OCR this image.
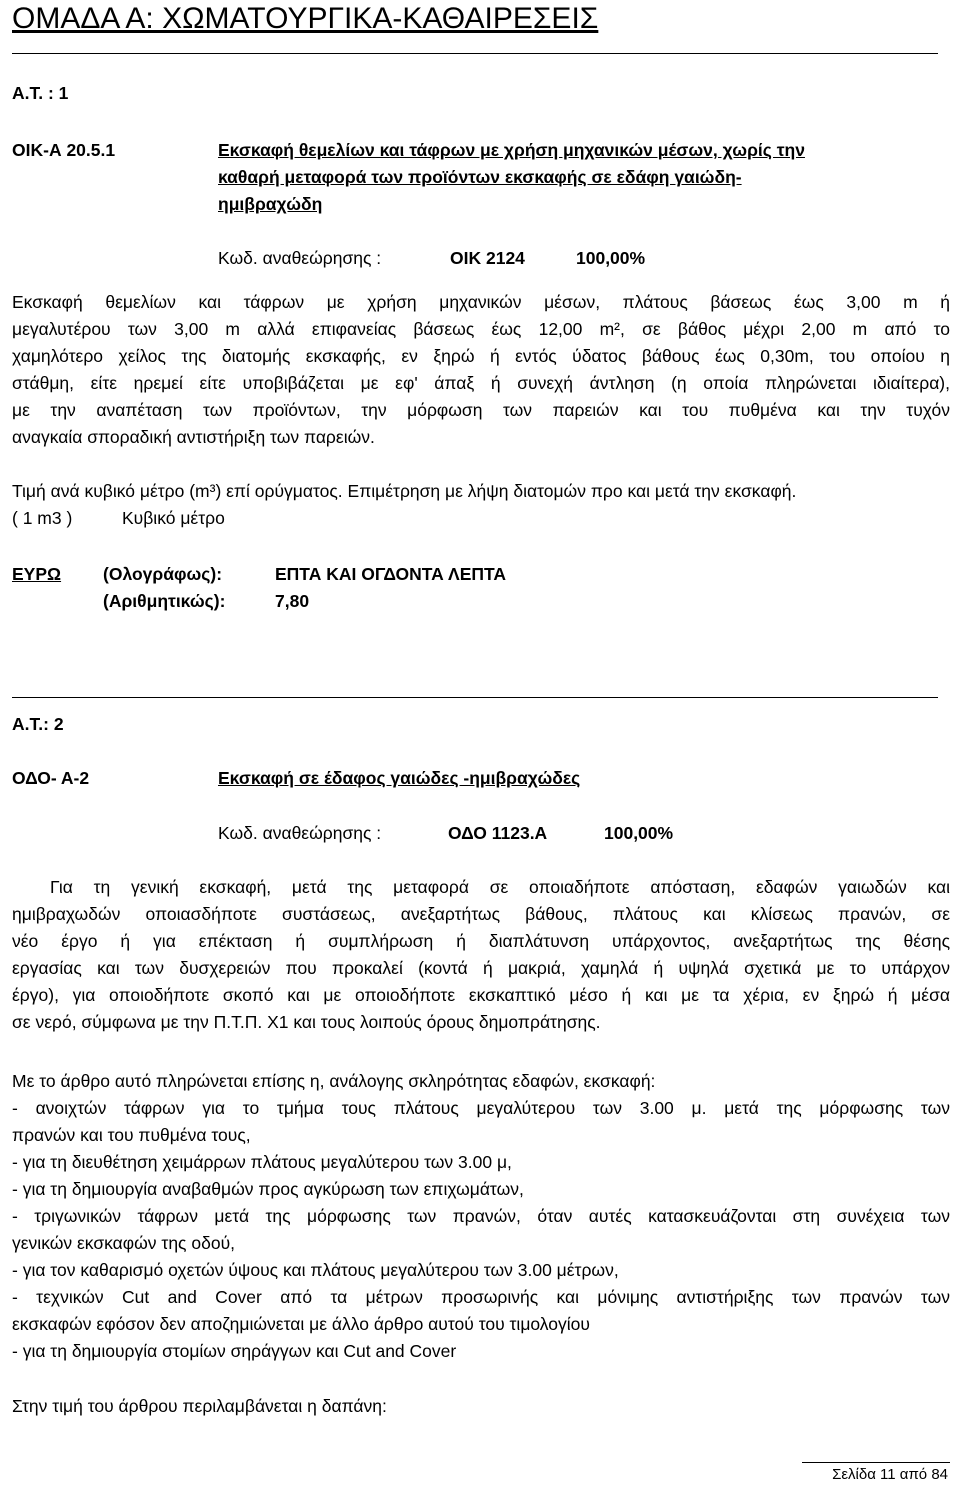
ΟΜΑΔΑ Α: ΧΩΜΑΤΟΥΡΓΙΚΑ-ΚΑΘΑΙΡΕΣΕΙΣ
Α.Τ. : 1
ΟΙΚ-Α 20.5.1	Εκσκαφή θεμελίων και τάφρων με χρήση μηχανικών μέσων, χωρίς την
καθαρή μεταφορά των προϊόντων εκσκαφής σε εδάφη γαιώδη-
ημιβραχώδη
Κωδ. αναθεώρησης :	ΟΙΚ 2124	100,00%
Εκσκαφή θεμελίων και τάφρων με χρήση μηχανικών μέσων, πλάτους βάσεως έως 3,00 m ή
μεγαλυτέρου των 3,00 m αλλά επιφανείας βάσεως έως 12,00 m², σε βάθος μέχρι 2,00 m από το
χαμηλότερο χείλος της διατομής εκσκαφής, εν ξηρώ ή εντός ύδατος βάθους έως 0,30m, του οποίου η
στάθμη, είτε ηρεμεί είτε υποβιβάζεται με εφ' άπαξ ή συνεχή άντληση (η οποία πληρώνεται ιδιαίτερα),
με την αναπέταση των προϊόντων, την μόρφωση των παρειών και του πυθμένα και την τυχόν
αναγκαία σποραδική αντιστήριξη των παρειών.
Τιμή ανά κυβικό μέτρο (m³) επί ορύγματος. Επιμέτρηση με λήψη διατομών προ και μετά την εκσκαφή.
( 1 m3 )	Κυβικό μέτρο
ΕΥΡΩ (Ολογράφως):	ΕΠΤΑ ΚΑΙ ΟΓΔΟΝΤΑ ΛΕΠΤΑ
(Αριθμητικώς):	7,80
Α.Τ.: 2
ΟΔΟ- Α-2	Εκσκαφή σε έδαφος γαιώδες -ημιβραχώδες
Κωδ. αναθεώρησης :	ΟΔΟ 1123.Α	100,00%
Για τη γενική εκσκαφή, μετά της μεταφορά σε οποιαδήποτε απόσταση, εδαφών γαιωδών και
ημιβραχωδών οποιασδήποτε συστάσεως, ανεξαρτήτως βάθους, πλάτους και κλίσεως πρανών, σε
νέο έργο ή για επέκταση ή συμπλήρωση ή διαπλάτυνση υπάρχοντος, ανεξαρτήτως της θέσης
εργασίας και των δυσχερειών που προκαλεί (κοντά ή μακριά, χαμηλά ή υψηλά σχετικά με το υπάρχον
έργο), για οποιοδήποτε σκοπό και με οποιοδήποτε εκσκαπτικό μέσο ή και με τα χέρια, εν ξηρώ ή μέσα
σε νερό, σύμφωνα με την Π.Τ.Π. Χ1 και τους λοιπούς όρους δημοπράτησης.
Με το άρθρο αυτό πληρώνεται επίσης η, ανάλογης σκληρότητας εδαφών, εκσκαφή:
- ανοιχτών τάφρων για το τμήμα τους πλάτους μεγαλύτερου των 3.00 μ. μετά της μόρφωσης των
πρανών και του πυθμένα τους,
- για τη διευθέτηση χειμάρρων πλάτους μεγαλύτερου των 3.00 μ,
- για τη δημιουργία αναβαθμών προς αγκύρωση των επιχωμάτων,
- τριγωνικών τάφρων μετά της μόρφωσης των πρανών, όταν αυτές κατασκευάζονται στη συνέχεια των
γενικών εκσκαφών της οδού,
- για τον καθαρισμό οχετών ύψους και πλάτους μεγαλύτερου των 3.00 μέτρων,
- τεχνικών Cut and Cover από τα μέτρων προσωρινής και μόνιμης αντιστήριξης των πρανών των
εκσκαφών εφόσον δεν αποζημιώνεται με άλλο άρθρο αυτού του τιμολογίου
- για τη δημιουργία στομίων σηράγγων και Cut and Cover
Στην τιμή του άρθρου περιλαμβάνεται η δαπάνη:
Σελίδα 11 από 84
